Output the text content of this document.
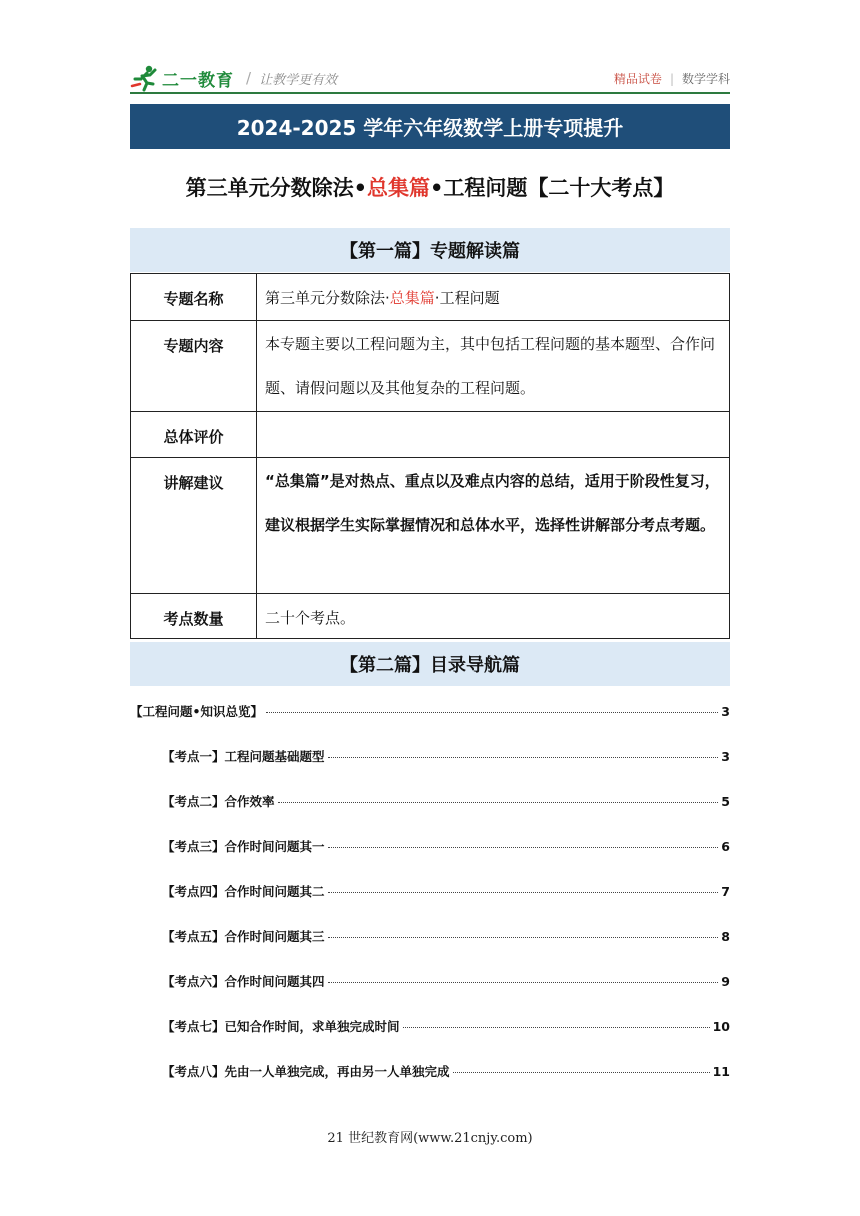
二一教育 / 让教学更有效	精品试卷 | 数学学科
2024-2025 学年六年级数学上册专项提升
第三单元分数除法•总集篇•工程问题【二十大考点】
【第一篇】专题解读篇
专题名称	第三单元分数除法·总集篇·工程问题
专题内容	本专题主要以工程问题为主，其中包括工程问题的基本题型、合作问题、请假问题以及其他复杂的工程问题。
总体评价	
讲解建议	“总集篇”是对热点、重点以及难点内容的总结，适用于阶段性复习，建议根据学生实际掌握情况和总体水平，选择性讲解部分考点考题。
考点数量	二十个考点。
【第二篇】目录导航篇
【工程问题•知识总览】	3
【考点一】工程问题基础题型	3
【考点二】合作效率	5
【考点三】合作时间问题其一	6
【考点四】合作时间问题其二	7
【考点五】合作时间问题其三	8
【考点六】合作时间问题其四	9
【考点七】已知合作时间，求单独完成时间	10
【考点八】先由一人单独完成，再由另一人单独完成	11
21 世纪教育网(www.21cnjy.com)
